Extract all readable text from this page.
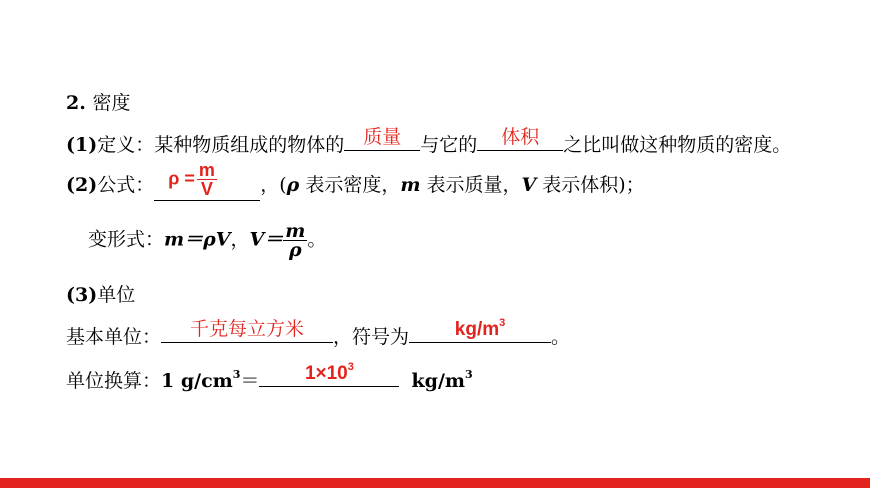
2. 密度
(1)定义：某种物质组成的物体的 质量	与它的	体积	之比叫做这种物质的密度。
(2)公式： $\rho = \frac{m}{V}$ ，(ρ 表示密度，m 表示质量，V 表示体积)；
变形式：m＝ρV，$V= \frac{m}{\rho}$ 。
(3)单位
基本单位：	千克每立方米	，符号为	$kg/m^3$
。
单位换算：1 $g/cm^3=$	$1\times 10^3$
$kg/m^3$
